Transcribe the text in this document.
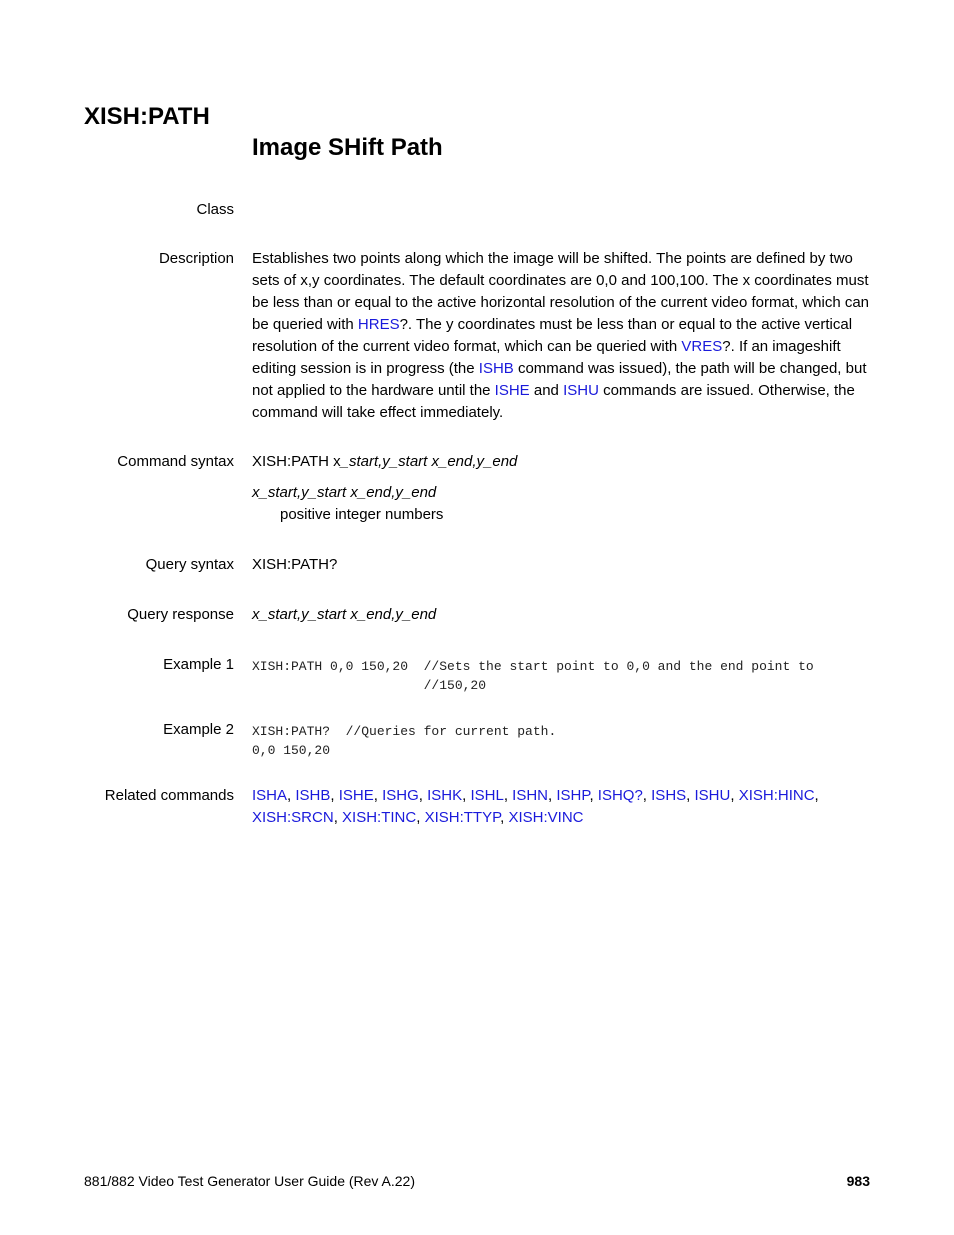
XISH:PATH
Image SHift Path
Class
Description Establishes two points along which the image will be shifted. The points are defined by two sets of x,y coordinates. The default coordinates are 0,0 and 100,100. The x coordinates must be less than or equal to the active horizontal resolution of the current video format, which can be queried with HRES?. The y coordinates must be less than or equal to the active vertical resolution of the current video format, which can be queried with VRES?. If an imageshift editing session is in progress (the ISHB command was issued), the path will be changed, but not applied to the hardware until the ISHE and ISHU commands are issued. Otherwise, the command will take effect immediately.
Command syntax XISH:PATH x_start,y_start x_end,y_end
x_start,y_start x_end,y_end
positive integer numbers
Query syntax XISH:PATH?
Query response x_start,y_start x_end,y_end
Example 1 XISH:PATH 0,0 150,20  //Sets the start point to 0,0 and the end point to
//150,20
Example 2 XISH:PATH?  //Queries for current path.
0,0 150,20
Related commands ISHA, ISHB, ISHE, ISHG, ISHK, ISHL, ISHN, ISHP, ISHQ?, ISHS, ISHU, XISH:HINC, XISH:SRCN, XISH:TINC, XISH:TTYP, XISH:VINC
881/882 Video Test Generator User Guide (Rev A.22)	983
